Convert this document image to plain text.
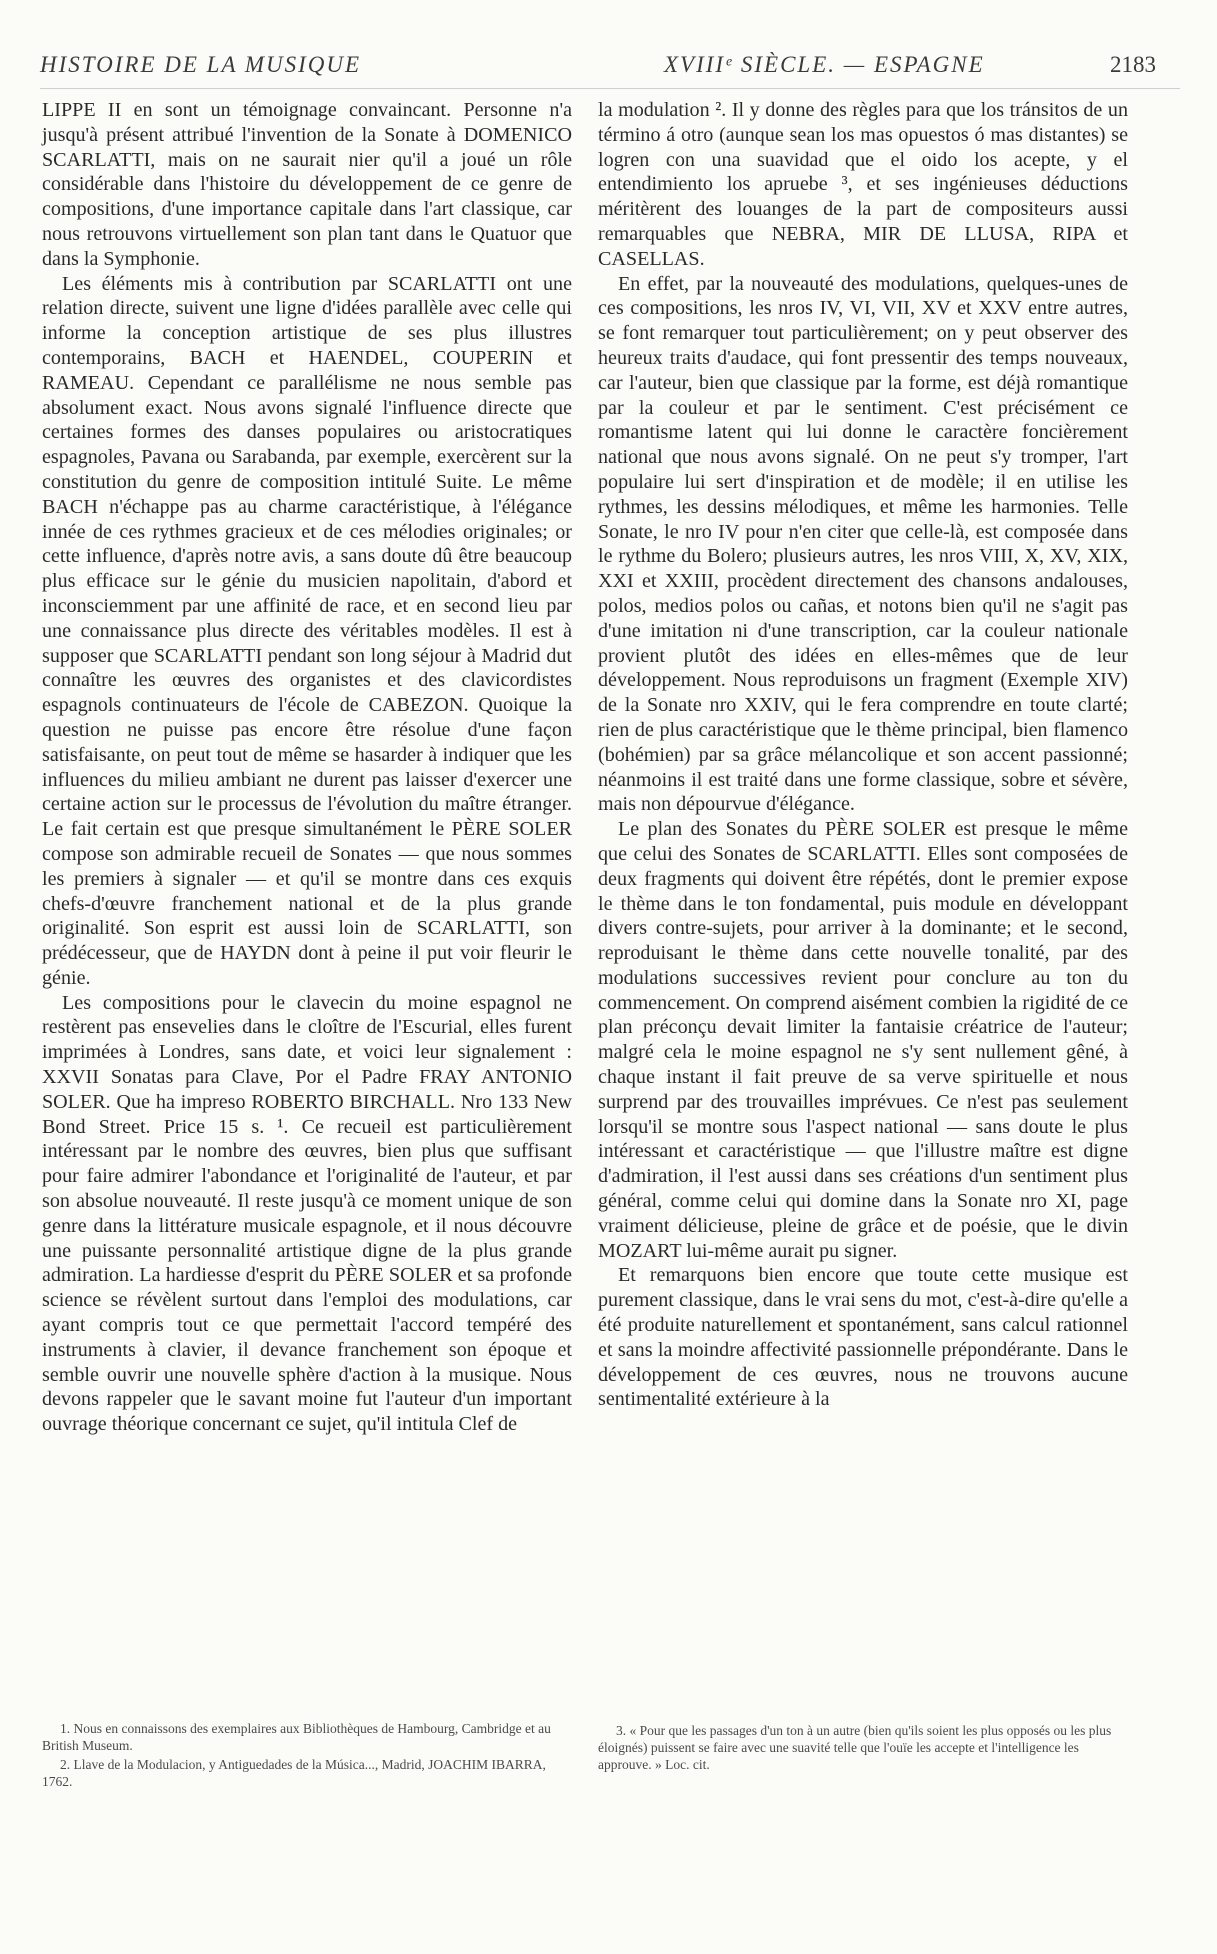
HISTOIRE DE LA MUSIQUE	XVIIIᵉ SIÈCLE. — ESPAGNE	2183

LIPPE II en sont un témoignage convaincant. Personne n'a jusqu'à présent attribué l'invention de la Sonate à DOMENICO SCARLATTI, mais on ne saurait nier qu'il a joué un rôle considérable dans l'histoire du développement de ce genre de compositions, d'une importance capitale dans l'art classique, car nous retrouvons virtuellement son plan tant dans le Quatuor que dans la Symphonie.

Les éléments mis à contribution par SCARLATTI ont une relation directe, suivent une ligne d'idées parallèle avec celle qui informe la conception artistique de ses plus illustres contemporains, BACH et HAENDEL, COUPERIN et RAMEAU. Cependant ce parallélisme ne nous semble pas absolument exact. Nous avons signalé l'influence directe que certaines formes des danses populaires ou aristocratiques espagnoles, Pavana ou Sarabanda, par exemple, exercèrent sur la constitution du genre de composition intitulé Suite. Le même BACH n'échappe pas au charme caractéristique, à l'élégance innée de ces rythmes gracieux et de ces mélodies originales; or cette influence, d'après notre avis, a sans doute dû être beaucoup plus efficace sur le génie du musicien napolitain, d'abord et inconsciemment par une affinité de race, et en second lieu par une connaissance plus directe des véritables modèles. Il est à supposer que SCARLATTI pendant son long séjour à Madrid dut connaître les œuvres des organistes et des clavicordistes espagnols continuateurs de l'école de CABEZON. Quoique la question ne puisse pas encore être résolue d'une façon satisfaisante, on peut tout de même se hasarder à indiquer que les influences du milieu ambiant ne durent pas laisser d'exercer une certaine action sur le processus de l'évolution du maître étranger. Le fait certain est que presque simultanément le PÈRE SOLER compose son admirable recueil de Sonates — que nous sommes les premiers à signaler — et qu'il se montre dans ces exquis chefs-d'œuvre franchement national et de la plus grande originalité. Son esprit est aussi loin de SCARLATTI, son prédécesseur, que de HAYDN dont à peine il put voir fleurir le génie.

Les compositions pour le clavecin du moine espagnol ne restèrent pas ensevelies dans le cloître de l'Escurial, elles furent imprimées à Londres, sans date, et voici leur signalement : XXVII Sonatas para Clave, Por el Padre FRAY ANTONIO SOLER. Que ha impreso ROBERTO BIRCHALL. Nro 133 New Bond Street. Price 15 s. ¹. Ce recueil est particulièrement intéressant par le nombre des œuvres, bien plus que suffisant pour faire admirer l'abondance et l'originalité de l'auteur, et par son absolue nouveauté. Il reste jusqu'à ce moment unique de son genre dans la littérature musicale espagnole, et il nous découvre une puissante personnalité artistique digne de la plus grande admiration. La hardiesse d'esprit du PÈRE SOLER et sa profonde science se révèlent surtout dans l'emploi des modulations, car ayant compris tout ce que permettait l'accord tempéré des instruments à clavier, il devance franchement son époque et semble ouvrir une nouvelle sphère d'action à la musique. Nous devons rappeler que le savant moine fut l'auteur d'un important ouvrage théorique concernant ce sujet, qu'il intitula Clef de

la modulation ². Il y donne des règles para que los tránsitos de un término á otro (aunque sean los mas opuestos ó mas distantes) se logren con una suavidad que el oido los acepte, y el entendimiento los apruebe ³, et ses ingénieuses déductions méritèrent des louanges de la part de compositeurs aussi remarquables que NEBRA, MIR DE LLUSA, RIPA et CASELLAS.

En effet, par la nouveauté des modulations, quelques-unes de ces compositions, les nros IV, VI, VII, XV et XXV entre autres, se font remarquer tout particulièrement; on y peut observer des heureux traits d'audace, qui font pressentir des temps nouveaux, car l'auteur, bien que classique par la forme, est déjà romantique par la couleur et par le sentiment. C'est précisément ce romantisme latent qui lui donne le caractère foncièrement national que nous avons signalé. On ne peut s'y tromper, l'art populaire lui sert d'inspiration et de modèle; il en utilise les rythmes, les dessins mélodiques, et même les harmonies. Telle Sonate, le nro IV pour n'en citer que celle-là, est composée dans le rythme du Bolero; plusieurs autres, les nros VIII, X, XV, XIX, XXI et XXIII, procèdent directement des chansons andalouses, polos, medios polos ou cañas, et notons bien qu'il ne s'agit pas d'une imitation ni d'une transcription, car la couleur nationale provient plutôt des idées en elles-mêmes que de leur développement. Nous reproduisons un fragment (Exemple XIV) de la Sonate nro XXIV, qui le fera comprendre en toute clarté; rien de plus caractéristique que le thème principal, bien flamenco (bohémien) par sa grâce mélancolique et son accent passionné; néanmoins il est traité dans une forme classique, sobre et sévère, mais non dépourvue d'élégance.

Le plan des Sonates du PÈRE SOLER est presque le même que celui des Sonates de SCARLATTI. Elles sont composées de deux fragments qui doivent être répétés, dont le premier expose le thème dans le ton fondamental, puis module en développant divers contre-sujets, pour arriver à la dominante; et le second, reproduisant le thème dans cette nouvelle tonalité, par des modulations successives revient pour conclure au ton du commencement. On comprend aisément combien la rigidité de ce plan préconçu devait limiter la fantaisie créatrice de l'auteur; malgré cela le moine espagnol ne s'y sent nullement gêné, à chaque instant il fait preuve de sa verve spirituelle et nous surprend par des trouvailles imprévues. Ce n'est pas seulement lorsqu'il se montre sous l'aspect national — sans doute le plus intéressant et caractéristique — que l'illustre maître est digne d'admiration, il l'est aussi dans ses créations d'un sentiment plus général, comme celui qui domine dans la Sonate nro XI, page vraiment délicieuse, pleine de grâce et de poésie, que le divin MOZART lui-même aurait pu signer.

Et remarquons bien encore que toute cette musique est purement classique, dans le vrai sens du mot, c'est-à-dire qu'elle a été produite naturellement et spontanément, sans calcul rationnel et sans la moindre affectivité passionnelle prépondérante. Dans le développement de ces œuvres, nous ne trouvons aucune sentimentalité extérieure à la

1. Nous en connaissons des exemplaires aux Bibliothèques de Hambourg, Cambridge et au British Museum.

2. Llave de la Modulacion, y Antiguedades de la Música..., Madrid, JOACHIM IBARRA, 1762.

3. « Pour que les passages d'un ton à un autre (bien qu'ils soient les plus opposés ou les plus éloignés) puissent se faire avec une suavité telle que l'ouïe les accepte et l'intelligence les approuve. » Loc. cit.
